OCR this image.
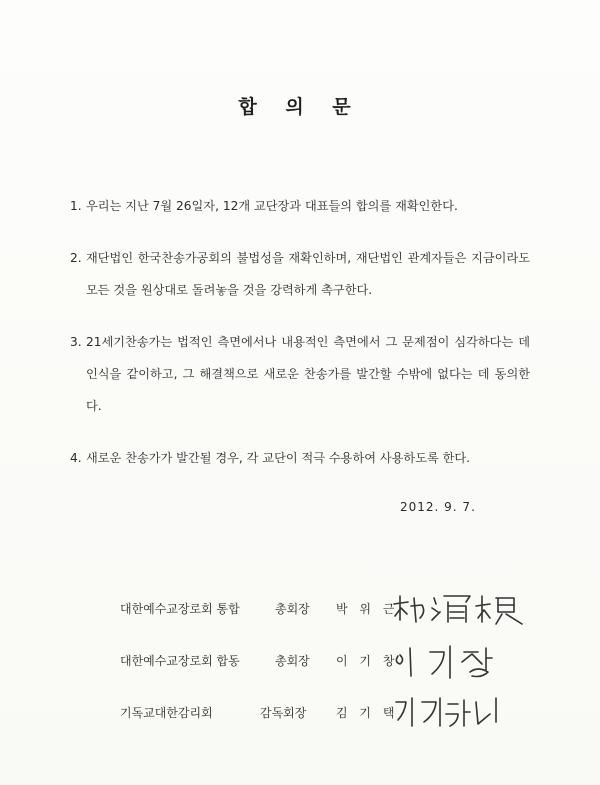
합 의 문
1. 우리는 지난 7월 26일자, 12개 교단장과 대표들의 합의를 재확인한다.
2. 재단법인 한국찬송가공회의 불법성을 재확인하며, 재단법인 관계자들은 지금이라도 모든 것을 원상대로 돌려놓을 것을 강력하게 촉구한다.
3. 21세기찬송가는 법적인 측면에서나 내용적인 측면에서 그 문제점이 심각하다는 데 인식을 같이하고, 그 해결책으로 새로운 찬송가를 발간할 수밖에 없다는 데 동의한다.
4. 새로운 찬송가가 발간될 경우, 각 교단이 적극 수용하여 사용하도록 한다.
2012. 9. 7.
대한예수교장로회 통합	총회장 박 위 근
대한예수교장로회 합동	총회장 이 기 창
기독교대한감리회	감독회장 김 기 택
